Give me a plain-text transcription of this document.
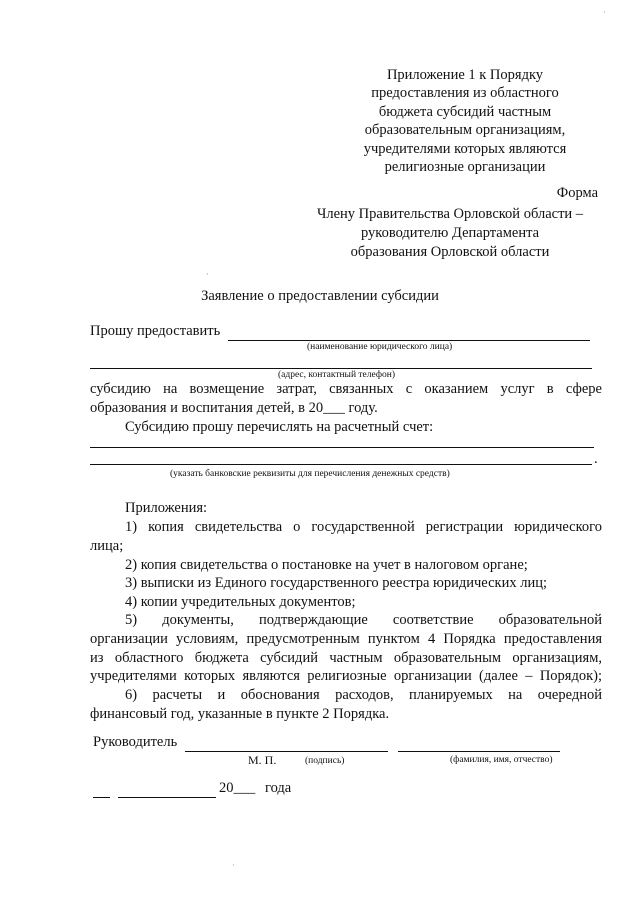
Приложение 1 к Порядку
предоставления из областного
бюджета субсидий частным
образовательным организациям,
учредителями которых являются
религиозные организации
Форма
Члену Правительства Орловской области –
руководителю Департамента
образования Орловской области
Заявление о предоставлении субсидии
Прошу предоставить
(наименование юридического лица)
(адрес, контактный телефон)
субсидию на возмещение затрат, связанных с оказанием услуг в сфере
образования и воспитания детей, в 20___ году.
Субсидию прошу перечислять на расчетный счет:
.
(указать банковские реквизиты для перечисления денежных средств)
Приложения:
1) копия свидетельства о государственной регистрации юридического
лица;
2) копия свидетельства о постановке на учет в налоговом органе;
3) выписки из Единого государственного реестра юридических лиц;
4) копии учредительных документов;
5) документы, подтверждающие соответствие образовательной
организации условиям, предусмотренным пунктом 4 Порядка предоставления
из областного бюджета субсидий частным образовательным организациям,
учредителями которых являются религиозные организации (далее – Порядок);
6) расчеты и обоснования расходов, планируемых на очередной
финансовый год, указанные в пункте 2 Порядка.
Руководитель
М. П.	(подпись)	(фамилия, имя, отчество)
20___ года
·
·
·
